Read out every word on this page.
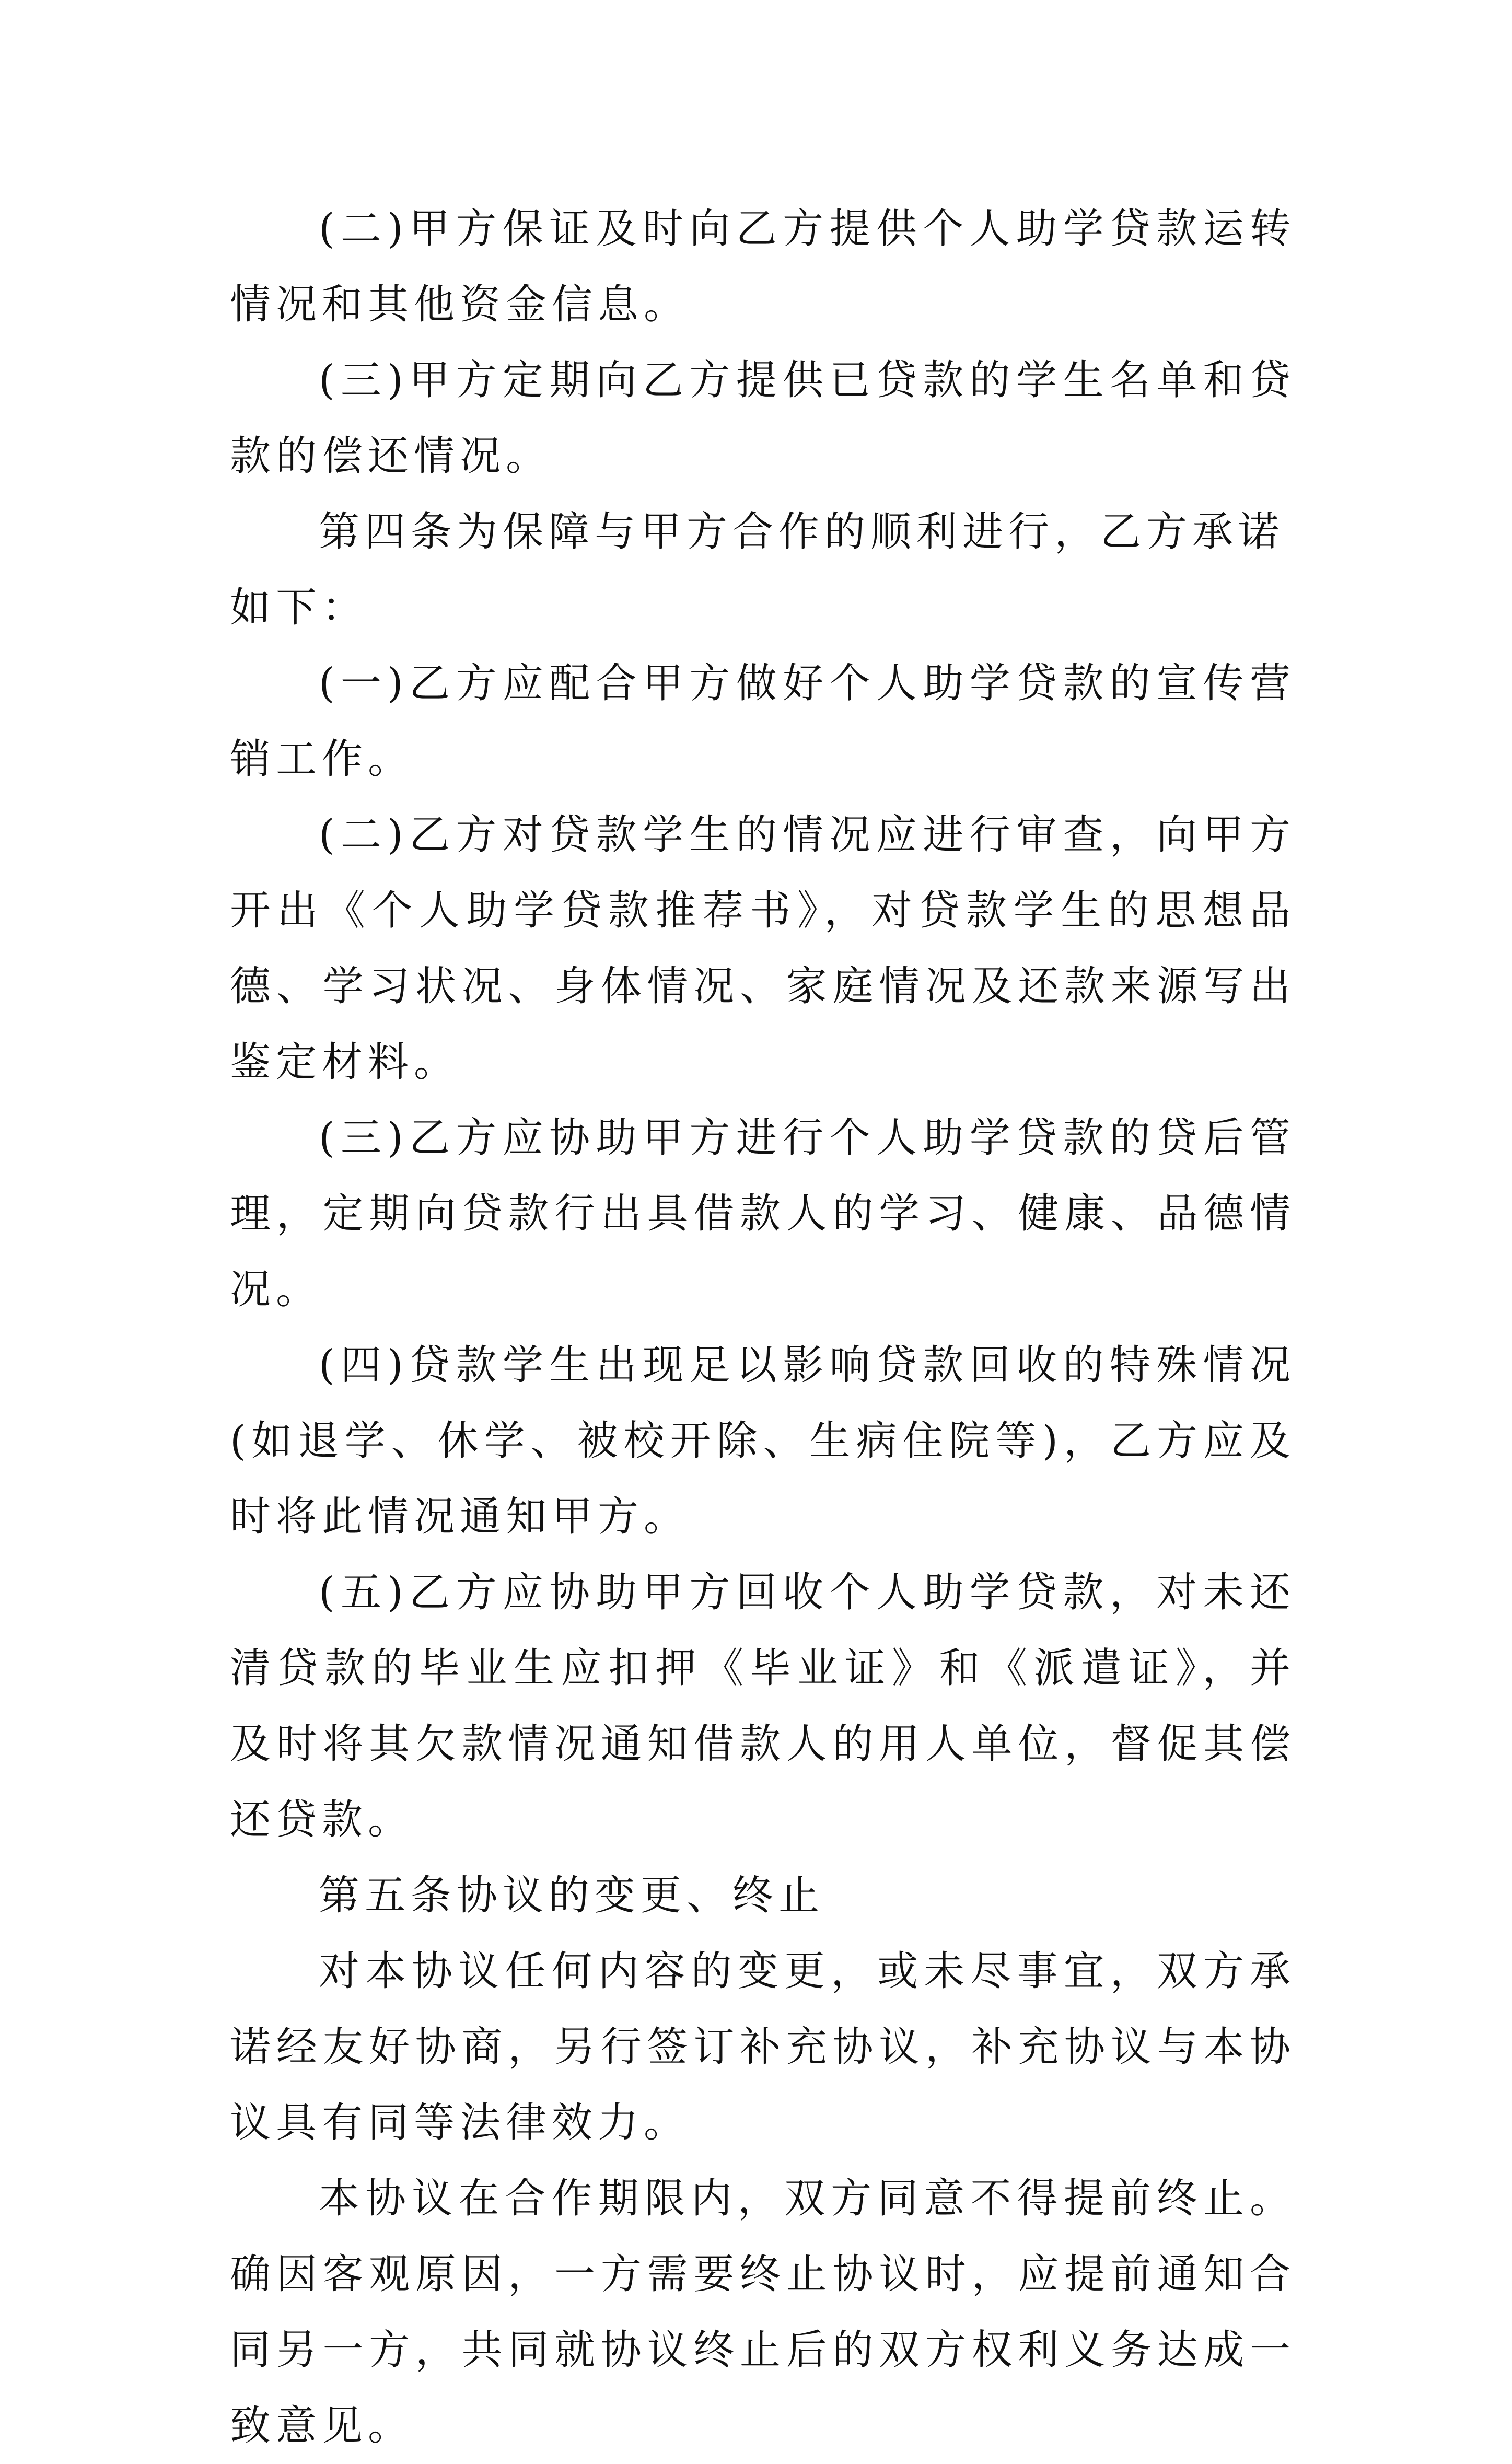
(二)甲方保证及时向乙方提供个人助学贷款运转情况和其他资金信息。

(三)甲方定期向乙方提供已贷款的学生名单和贷款的偿还情况。

第四条为保障与甲方合作的顺利进行，乙方承诺如下：

(一)乙方应配合甲方做好个人助学贷款的宣传营销工作。

(二)乙方对贷款学生的情况应进行审查，向甲方开出《个人助学贷款推荐书》，对贷款学生的思想品德、学习状况、身体情况、家庭情况及还款来源写出鉴定材料。

(三)乙方应协助甲方进行个人助学贷款的贷后管理，定期向贷款行出具借款人的学习、健康、品德情况。

(四)贷款学生出现足以影响贷款回收的特殊情况(如退学、休学、被校开除、生病住院等)，乙方应及时将此情况通知甲方。

(五)乙方应协助甲方回收个人助学贷款，对未还清贷款的毕业生应扣押《毕业证》和《派遣证》，并及时将其欠款情况通知借款人的用人单位，督促其偿还贷款。

第五条协议的变更、终止

对本协议任何内容的变更，或未尽事宜，双方承诺经友好协商，另行签订补充协议，补充协议与本协议具有同等法律效力。

本协议在合作期限内，双方同意不得提前终止。确因客观原因，一方需要终止协议时，应提前通知合同另一方，共同就协议终止后的双方权利义务达成一致意见。
